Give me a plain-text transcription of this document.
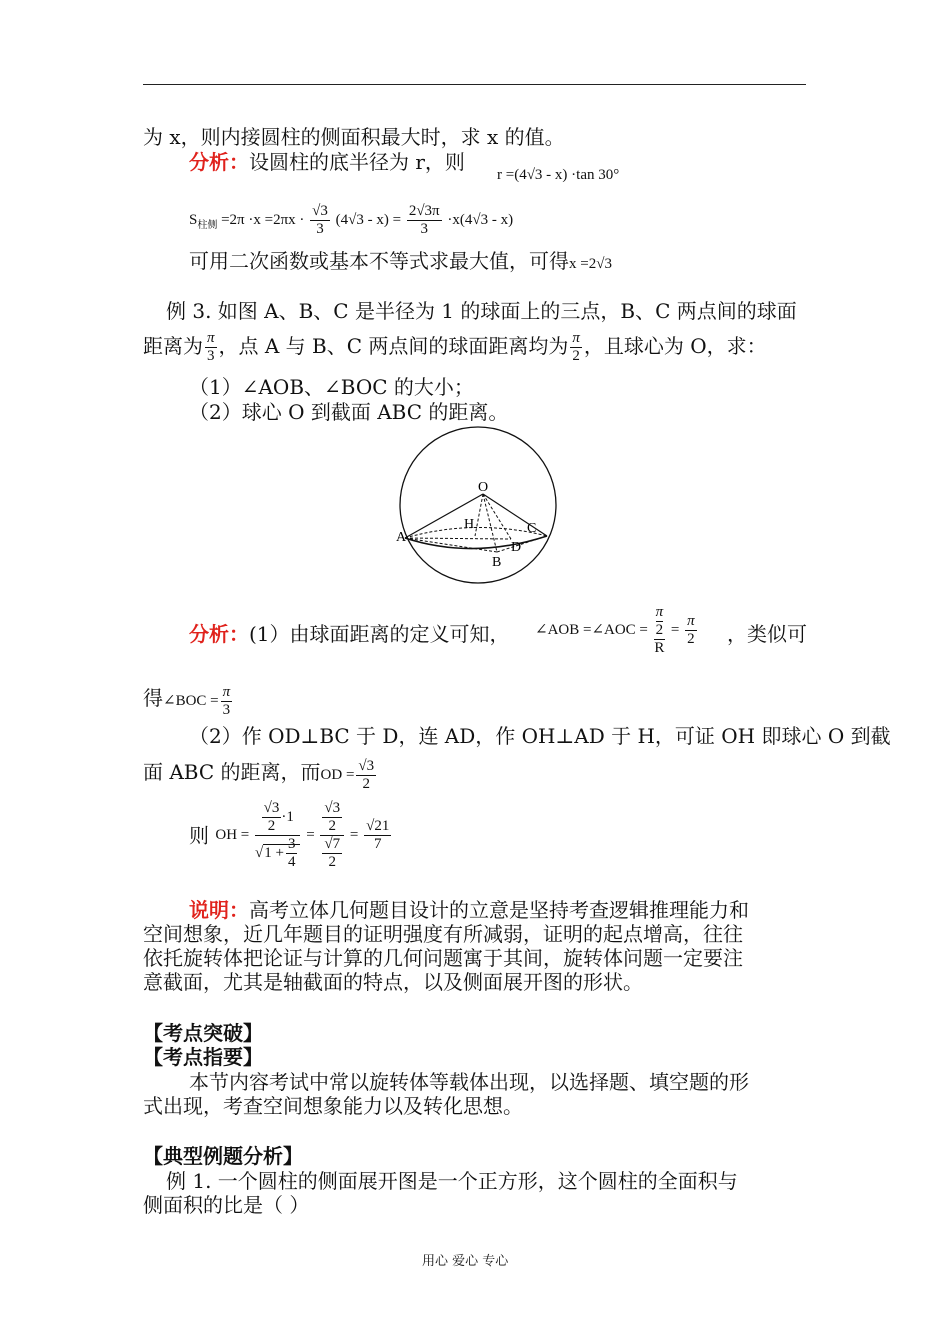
为 x，则内接圆柱的侧面积最大时，求 x 的值。
分析：设圆柱的底半径为 r，则
r =(4√3 - x) ·tan 30°
$S_{柱侧} =2\pi \cdot x =2\pi x \cdot \frac{√3}{3} (4√3 - x) = \frac{2√3\pi}{3} \cdot x(4√3 - x)$
可用二次函数或基本不等式求最大值，可得x =2√3
例 3. 如图 A、B、C 是半径为 1 的球面上的三点，B、C 两点间的球面
距离为 $\frac{\pi}{3}$ ，点 A 与 B、C 两点间的球面距离均为 $\frac{\pi}{2}$ ，且球心为 O，求：
（1）∠AOB、∠BOC 的大小；
（2）球心 O 到截面 ABC 的距离。
O
H
A
B
C
D
分析：(1）由球面距离的定义可知， ∠AOB =∠AOC = $\frac{\frac{\pi}{2}}{R} = \frac{\pi}{2}$ ，类似可
得∠BOC = $\frac{\pi}{3}$
（2）作 OD⊥BC 于 D，连 AD，作 OH⊥AD 于 H，可证 OH 即球心 O 到截
面 ABC 的距离，而OD = $\frac{√3}{2}$
则 OH = $\frac{\frac{√3}{2} \cdot 1}{√1 + \frac{3}{4}} = \frac{\frac{√3}{2}}{\frac{√7}{2}} = \frac{√21}{7}$
说明：高考立体几何题目设计的立意是坚持考查逻辑推理能力和
空间想象，近几年题目的证明强度有所减弱，证明的起点增高，往往
依托旋转体把论证与计算的几何问题寓于其间，旋转体问题一定要注
意截面，尤其是轴截面的特点，以及侧面展开图的形状。
【考点突破】
【考点指要】
本节内容考试中常以旋转体等载体出现，以选择题、填空题的形
式出现，考查空间想象能力以及转化思想。
【典型例题分析】
例 1. 一个圆柱的侧面展开图是一个正方形，这个圆柱的全面积与
侧面积的比是（ ）
用心 爱心 专心
